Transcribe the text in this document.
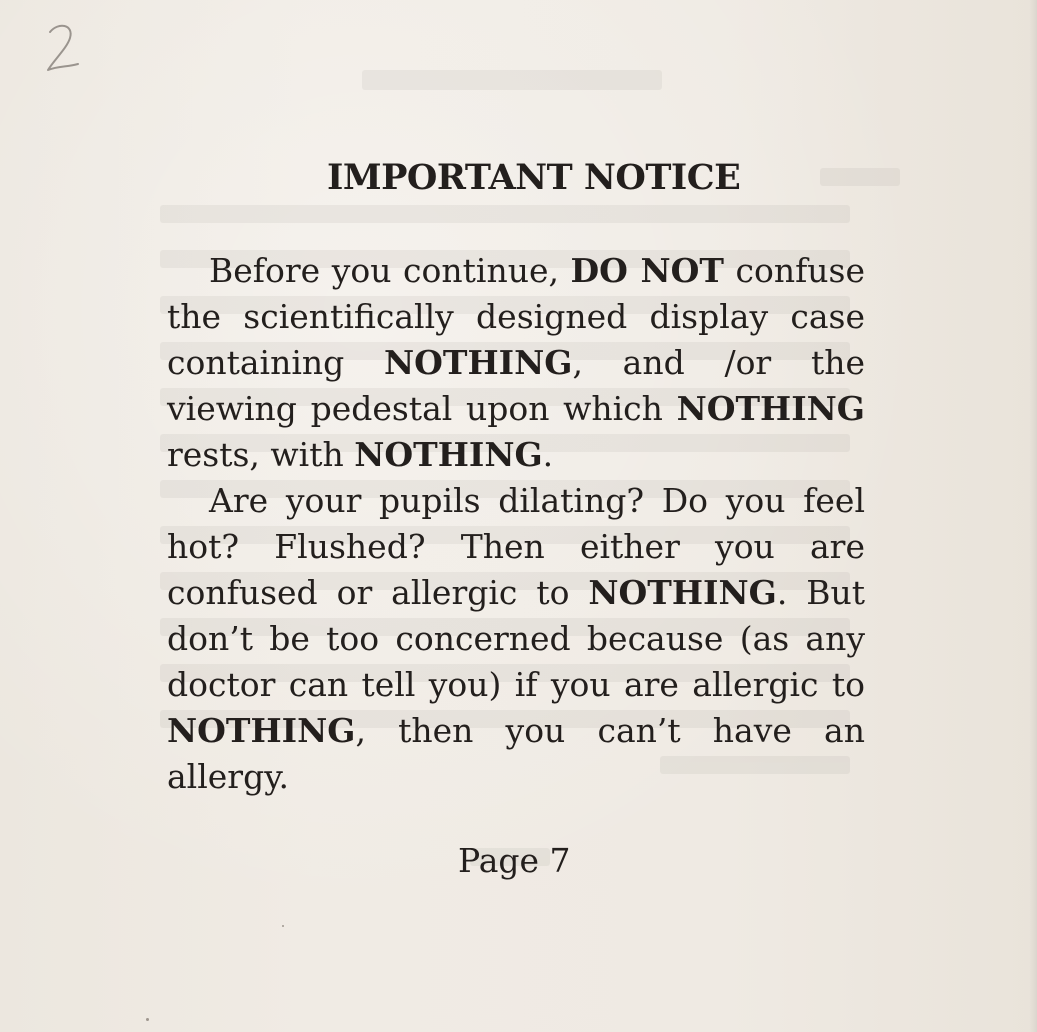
IMPORTANT NOTICE
Before you continue, DO NOT confuse
the scientifically designed display case
containing NOTHING, and /or the
viewing pedestal upon which NOTHING
rests, with NOTHING.
Are your pupils dilating? Do you feel
hot? Flushed? Then either you are
confused or allergic to NOTHING. But
don’t be too concerned because (as any
doctor can tell you) if you are allergic to
NOTHING, then you can’t have an
allergy.
Page 7
